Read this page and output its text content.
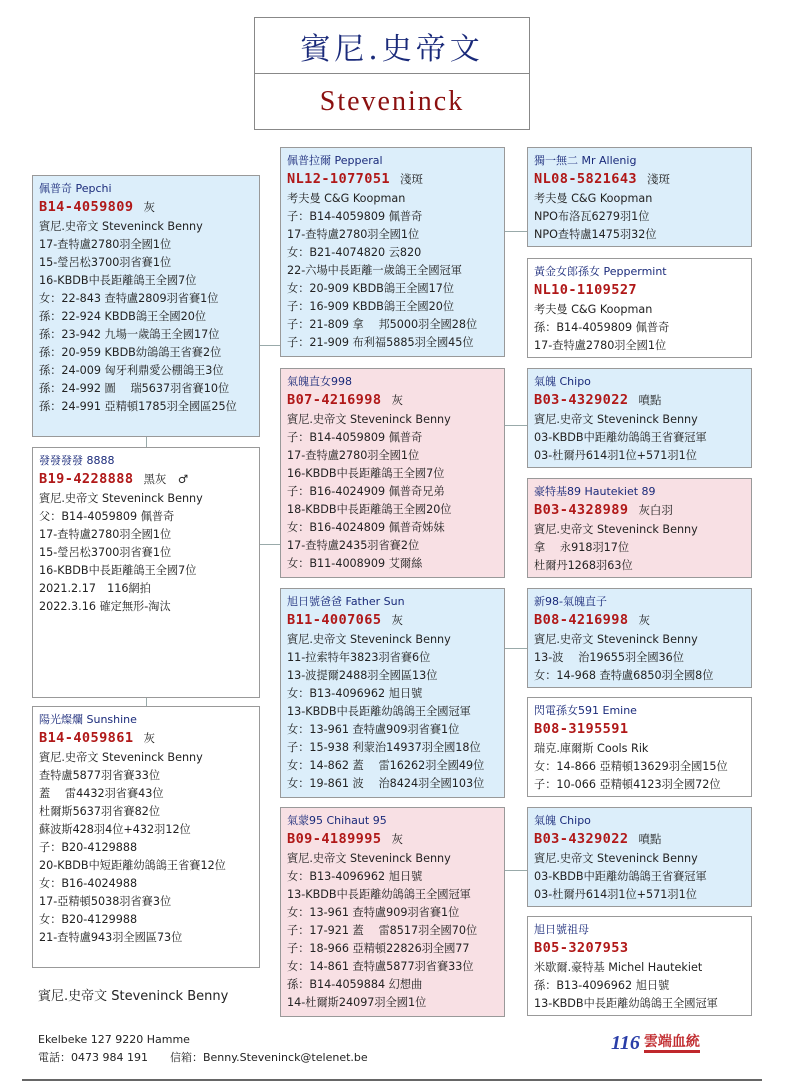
賓尼.史帝文
Steveninck
佩普奇 Pepchi
B14-4059809 灰
賓尼.史帝文 Steveninck Benny
17-查特盧2780羽全國1位
15-瑩呂松3700羽省賽1位
16-KBDB中長距離鴿王全國7位
女：22-843 查特盧2809羽省賽1位
孫：22-924 KBDB鴿王全國20位
孫：23-942 九場一歲鴿王全國17位
孫：20-959 KBDB幼鴿鴿王省賽2位
孫：24-009 匈牙利鼎愛公棚鴿王3位
孫：24-992 圖　 瑞5637羽省賽10位
孫：24-991 亞精頓1785羽全國區25位
發發發發 8888
B19-4228888 黑灰　♂
賓尼.史帝文 Steveninck Benny
父：B14-4059809 佩普奇
17-查特盧2780羽全國1位
15-瑩呂松3700羽省賽1位
16-KBDB中長距離鴿王全國7位
2021.2.17　116網拍
2022.3.16 確定無形-淘汰
陽光燦爛 Sunshine
B14-4059861 灰
賓尼.史帝文 Steveninck Benny
查特盧5877羽省賽33位
蓋　 雷4432羽省賽43位
杜爾斯5637羽省賽82位
蘇波斯428羽4位+432羽12位
子：B20-4129888
20-KBDB中短距離幼鴿鴿王省賽12位
女：B16-4024988
17-亞精頓5038羽省賽3位
女：B20-4129988
21-查特盧943羽全國區73位
佩普拉爾 Pepperal
NL12-1077051 淺斑
考夫曼 C&G Koopman
子：B14-4059809 佩普奇
17-查特盧2780羽全國1位
女：B21-4074820 云820
22-六場中長距離一歲鴿王全國冠軍
女：20-909 KBDB鴿王全國17位
子：16-909 KBDB鴿王全國20位
子：21-809 拿　 邦5000羽全國28位
子：21-909 布利福5885羽全國45位
氣魄直女998
B07-4216998 灰
賓尼.史帝文 Steveninck Benny
子：B14-4059809 佩普奇
17-查特盧2780羽全國1位
16-KBDB中長距離鴿王全國7位
子：B16-4024909 佩普奇兄弟
18-KBDB中長距離鴿王全國20位
女：B16-4024809 佩普奇姊妹
17-查特盧2435羽省賽2位
女：B11-4008909 艾爾絲
旭日號爸爸 Father Sun
B11-4007065 灰
賓尼.史帝文 Steveninck Benny
11-拉索特年3823羽省賽6位
13-波提爾2488羽全國區13位
女：B13-4096962 旭日號
13-KBDB中長距離幼鴿鴿王全國冠軍
女：13-961 查特盧909羽省賽1位
子：15-938 利蒙治14937羽全國18位
女：14-862 蓋　 雷16262羽全國49位
女：19-861 波　 治8424羽全國103位
氣蒙95 Chihaut 95
B09-4189995 灰
賓尼.史帝文 Steveninck Benny
女：B13-4096962 旭日號
13-KBDB中長距離幼鴿鴿王全國冠軍
女：13-961 查特盧909羽省賽1位
子：17-921 蓋　 雷8517羽全國70位
子：18-966 亞精頓22826羽全國77
女：14-861 查特盧5877羽省賽33位
孫：B14-4059884 幻想曲
14-杜爾斯24097羽全國1位
獨一無二 Mr Allenig
NL08-5821643 淺斑
考夫曼 C&G Koopman
NPO布洛瓦6279羽1位
NPO查特盧1475羽32位
黃金女郎孫女 Peppermint
NL10-1109527
考夫曼 C&G Koopman
孫：B14-4059809 佩普奇
17-查特盧2780羽全國1位
氣魄 Chipo
B03-4329022 噴點
賓尼.史帝文 Steveninck Benny
03-KBDB中距離幼鴿鴿王省賽冠軍
03-杜爾丹614羽1位+571羽1位
豪特基89 Hautekiet 89
B03-4328989 灰白羽
賓尼.史帝文 Steveninck Benny
拿　 永918羽17位
杜爾丹1268羽63位
新98-氣魄直子
B08-4216998 灰
賓尼.史帝文 Steveninck Benny
13-波　 治19655羽全國36位
女：14-968 查特盧6850羽全國8位
閃電孫女591 Emine
B08-3195591
瑞克.庫爾斯 Cools Rik
女：14-866 亞精頓13629羽全國15位
子：10-066 亞精頓4123羽全國72位
氣魄 Chipo
B03-4329022 噴點
賓尼.史帝文 Steveninck Benny
03-KBDB中距離幼鴿鴿王省賽冠軍
03-杜爾丹614羽1位+571羽1位
旭日號祖母
B05-3207953
米歇爾.豪特基 Michel Hautekiet
孫：B13-4096962 旭日號
13-KBDB中長距離幼鴿鴿王全國冠軍
賓尼.史帝文 Steveninck Benny
Ekelbeke 127 9220 Hamme
電話：0473 984 191 信箱：Benny.Steveninck@telenet.be
116 雲端血統
